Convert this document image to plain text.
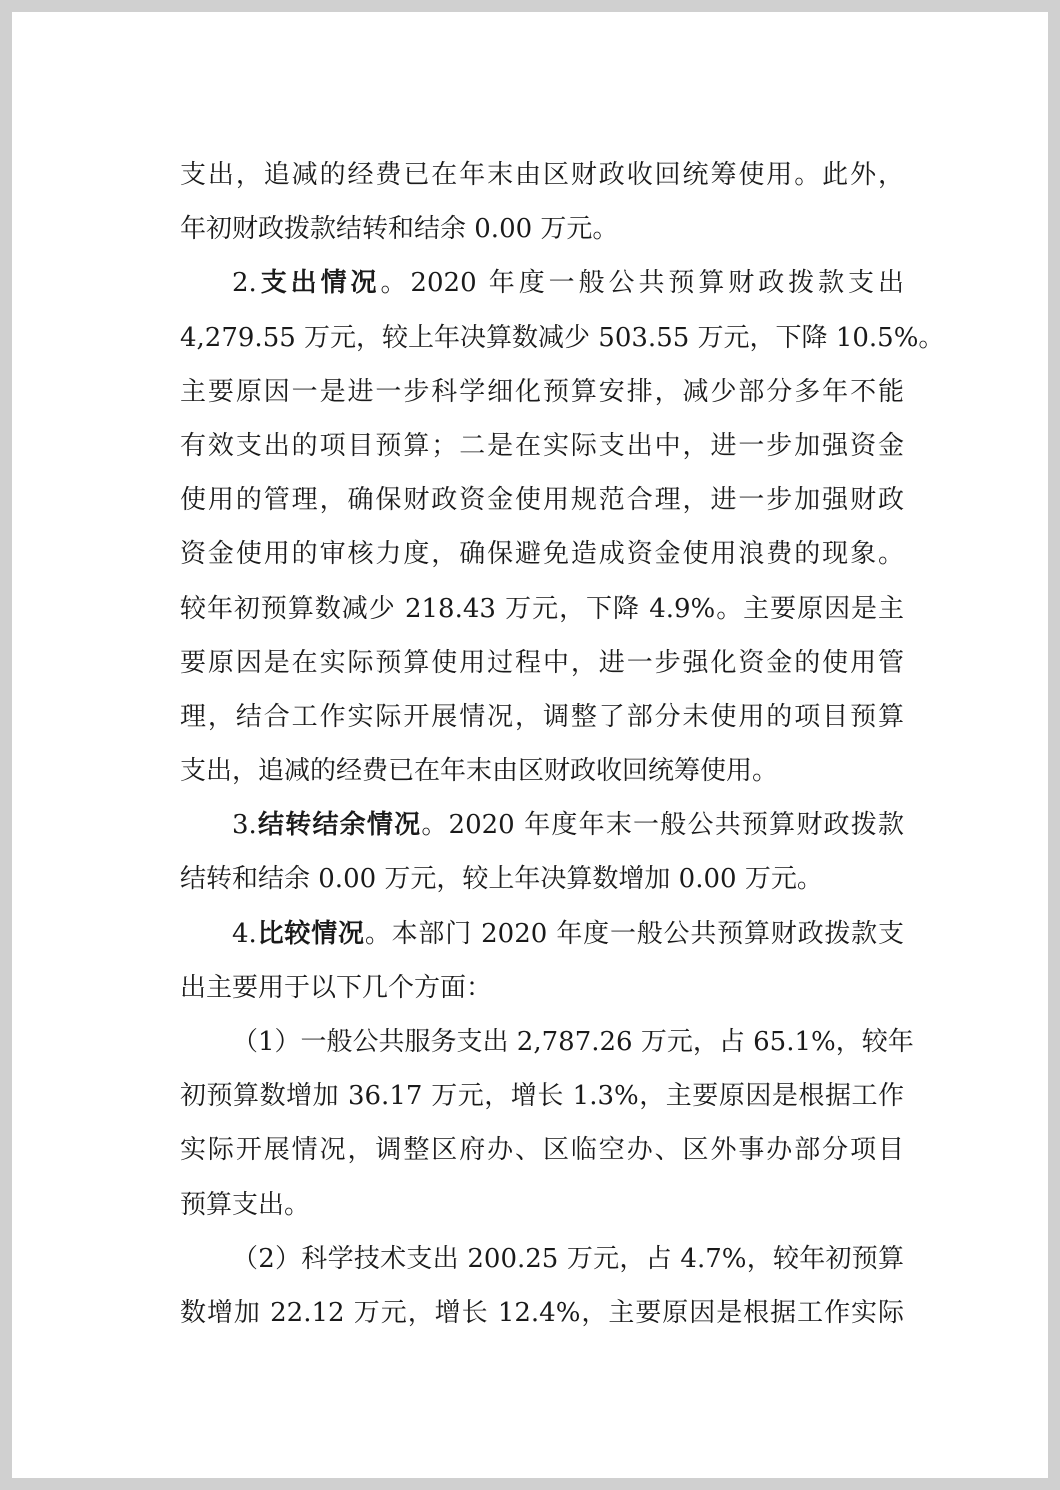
支出，追减的经费已在年末由区财政收回统筹使用。此外，
年初财政拨款结转和结余 0.00 万元。
2.支出情况。2020 年度一般公共预算财政拨款支出
4,279.55 万元，较上年决算数减少 503.55 万元，下降 10.5%。
主要原因一是进一步科学细化预算安排，减少部分多年不能
有效支出的项目预算；二是在实际支出中，进一步加强资金
使用的管理，确保财政资金使用规范合理，进一步加强财政
资金使用的审核力度，确保避免造成资金使用浪费的现象。
较年初预算数减少 218.43 万元，下降 4.9%。主要原因是主
要原因是在实际预算使用过程中，进一步强化资金的使用管
理，结合工作实际开展情况，调整了部分未使用的项目预算
支出，追减的经费已在年末由区财政收回统筹使用。
3.结转结余情况。2020 年度年末一般公共预算财政拨款
结转和结余 0.00 万元，较上年决算数增加 0.00 万元。
4.比较情况。本部门 2020 年度一般公共预算财政拨款支
出主要用于以下几个方面：
（1）一般公共服务支出 2,787.26 万元，占 65.1%，较年
初预算数增加 36.17 万元，增长 1.3%，主要原因是根据工作
实际开展情况，调整区府办、区临空办、区外事办部分项目
预算支出。
（2）科学技术支出 200.25 万元，占 4.7%，较年初预算
数增加 22.12 万元，增长 12.4%，主要原因是根据工作实际
